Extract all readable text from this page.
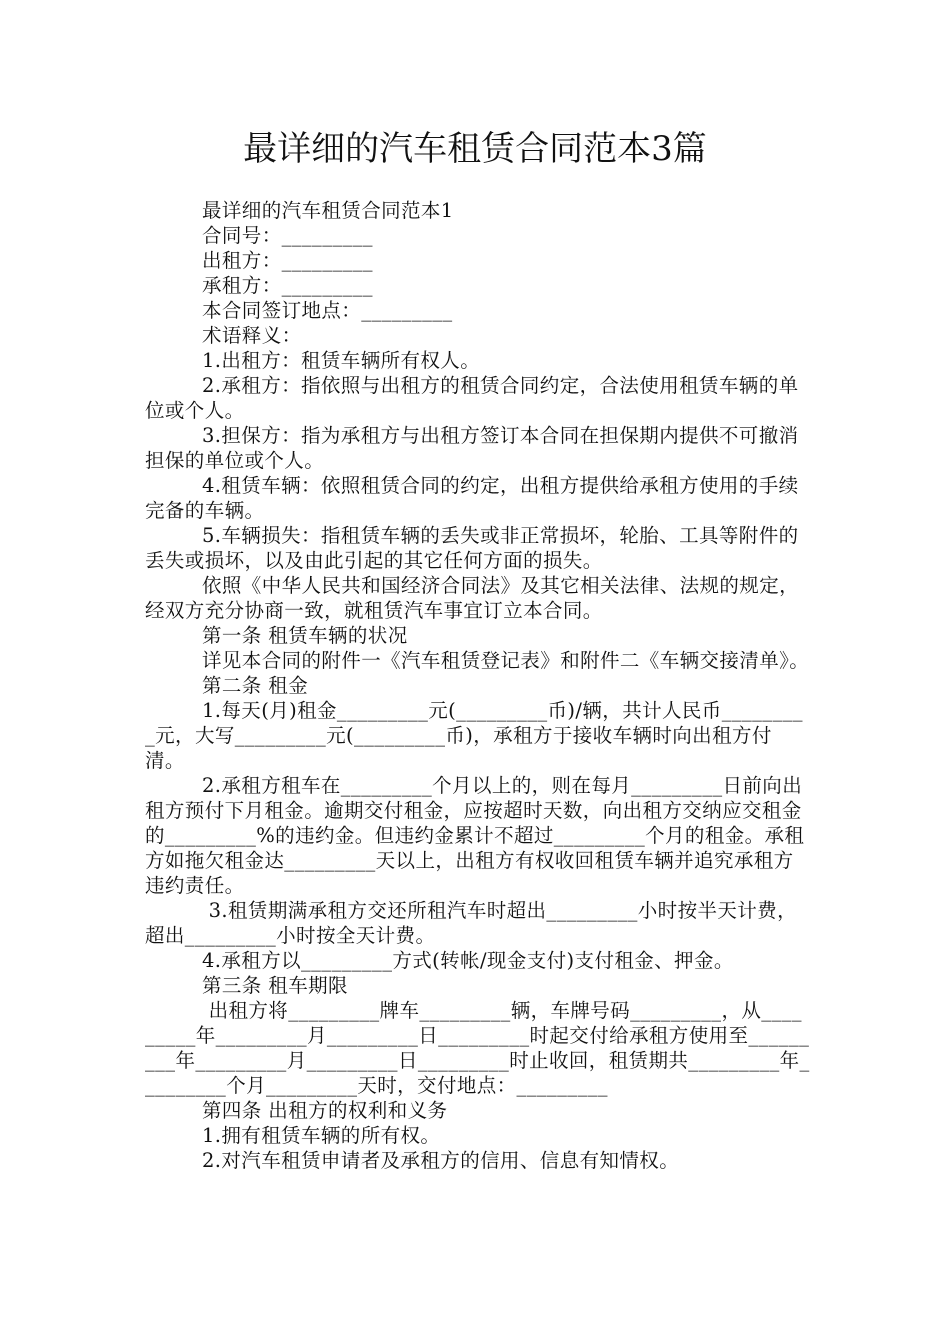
最详细的汽车租赁合同范本3篇

最详细的汽车租赁合同范本1

合同号：_________

出租方：_________

承租方：_________

本合同签订地点：_________

术语释义：

1.出租方：租赁车辆所有权人。

2.承租方：指依照与出租方的租赁合同约定，合法使用租赁车辆的单位或个人。

3.担保方：指为承租方与出租方签订本合同在担保期内提供不可撤消担保的单位或个人。

4.租赁车辆：依照租赁合同的约定，出租方提供给承租方使用的手续完备的车辆。

5.车辆损失：指租赁车辆的丢失或非正常损坏，轮胎、工具等附件的丢失或损坏，以及由此引起的其它任何方面的损失。

依照《中华人民共和国经济合同法》及其它相关法律、法规的规定，经双方充分协商一致，就租赁汽车事宜订立本合同。

第一条 租赁车辆的状况

详见本合同的附件一《汽车租赁登记表》和附件二《车辆交接清单》。

第二条 租金

1.每天(月)租金_________元(_________币)/辆，共计人民币_________元，大写_________元(_________币)，承租方于接收车辆时向出租方付清。

2.承租方租车在_________个月以上的，则在每月_________日前向出租方预付下月租金。逾期交付租金，应按超时天数，向出租方交纳应交租金的_________%的违约金。但违约金累计不超过_________个月的租金。承租方如拖欠租金达_________天以上，出租方有权收回租赁车辆并追究承租方违约责任。

3.租赁期满承租方交还所租汽车时超出_________小时按半天计费，超出_________小时按全天计费。

4.承租方以_________方式(转帐/现金支付)支付租金、押金。

第三条 租车期限

出租方将_________牌车_________辆，车牌号码_________，从_________年_________月_________日_________时起交付给承租方使用至_________年_________月_________日_________时止收回，租赁期共_________年_________个月_________天时，交付地点：_________

第四条 出租方的权利和义务

1.拥有租赁车辆的所有权。

2.对汽车租赁申请者及承租方的信用、信息有知情权。
